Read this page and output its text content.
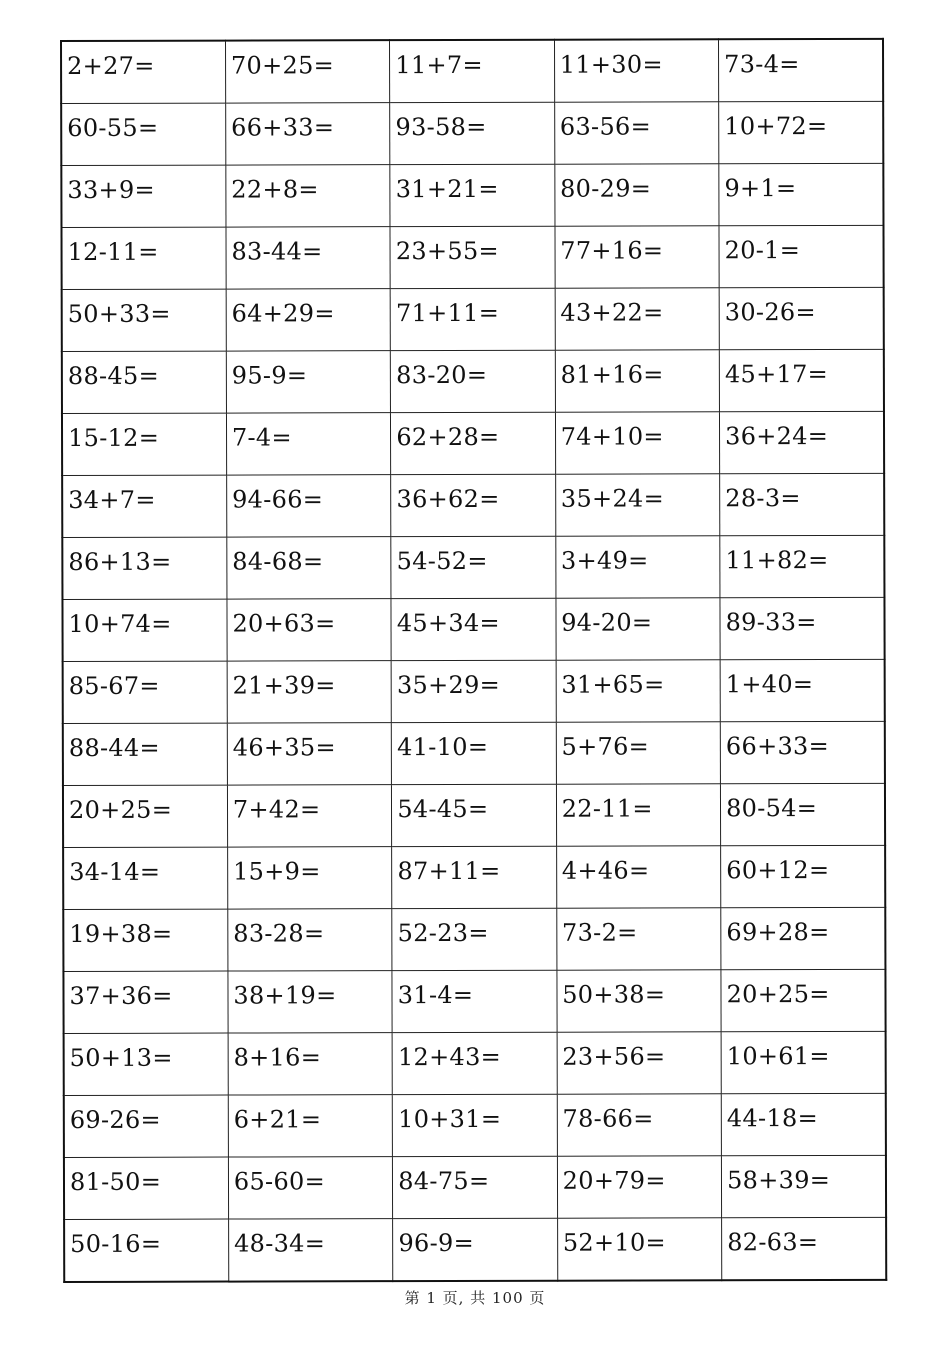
2+27=	70+25=	11+7=	11+30=	73-4=
60-55=	66+33=	93-58=	63-56=	10+72=
33+9=	22+8=	31+21=	80-29=	9+1=
12-11=	83-44=	23+55=	77+16=	20-1=
50+33=	64+29=	71+11=	43+22=	30-26=
88-45=	95-9=	83-20=	81+16=	45+17=
15-12=	7-4=	62+28=	74+10=	36+24=
34+7=	94-66=	36+62=	35+24=	28-3=
86+13=	84-68=	54-52=	3+49=	11+82=
10+74=	20+63=	45+34=	94-20=	89-33=
85-67=	21+39=	35+29=	31+65=	1+40=
88-44=	46+35=	41-10=	5+76=	66+33=
20+25=	7+42=	54-45=	22-11=	80-54=
34-14=	15+9=	87+11=	4+46=	60+12=
19+38=	83-28=	52-23=	73-2=	69+28=
37+36=	38+19=	31-4=	50+38=	20+25=
50+13=	8+16=	12+43=	23+56=	10+61=
69-26=	6+21=	10+31=	78-66=	44-18=
81-50=	65-60=	84-75=	20+79=	58+39=
50-16=	48-34=	96-9=	52+10=	82-63=
第 1 页, 共 100 页
